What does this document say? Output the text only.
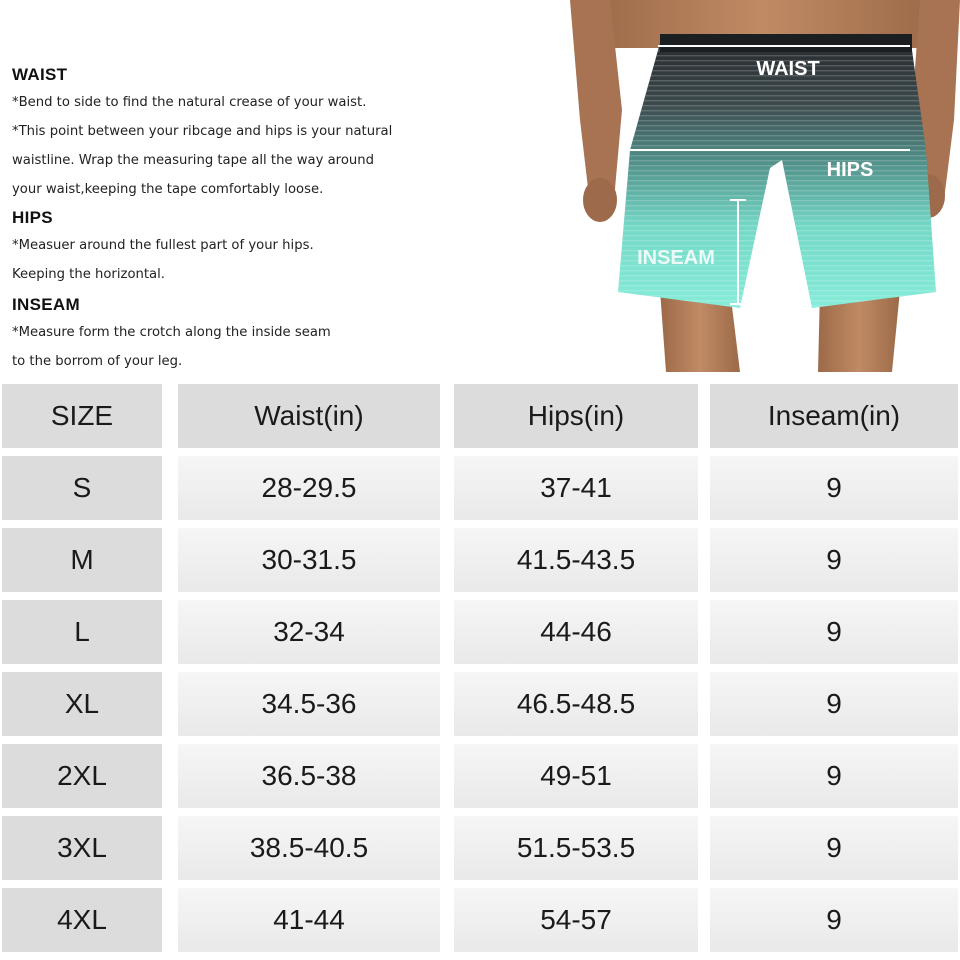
WAIST
*Bend to side to find the natural crease of your waist.
*This point between your ribcage and hips is your natural
waistline. Wrap the measuring tape all the way around
your waist,keeping the tape comfortably loose.
HIPS
*Measuer around the fullest part of your hips.
Keeping the horizontal.
INSEAM
*Measure form the crotch along the inside seam
to the borrom of your leg.
WAIST
HIPS
INSEAM
SIZE	Waist(in)	Hips(in)	Inseam(in)
S	28-29.5	37-41	9
M	30-31.5	41.5-43.5	9
L	32-34	44-46	9
XL	34.5-36	46.5-48.5	9
2XL	36.5-38	49-51	9
3XL	38.5-40.5	51.5-53.5	9
4XL	41-44	54-57	9
